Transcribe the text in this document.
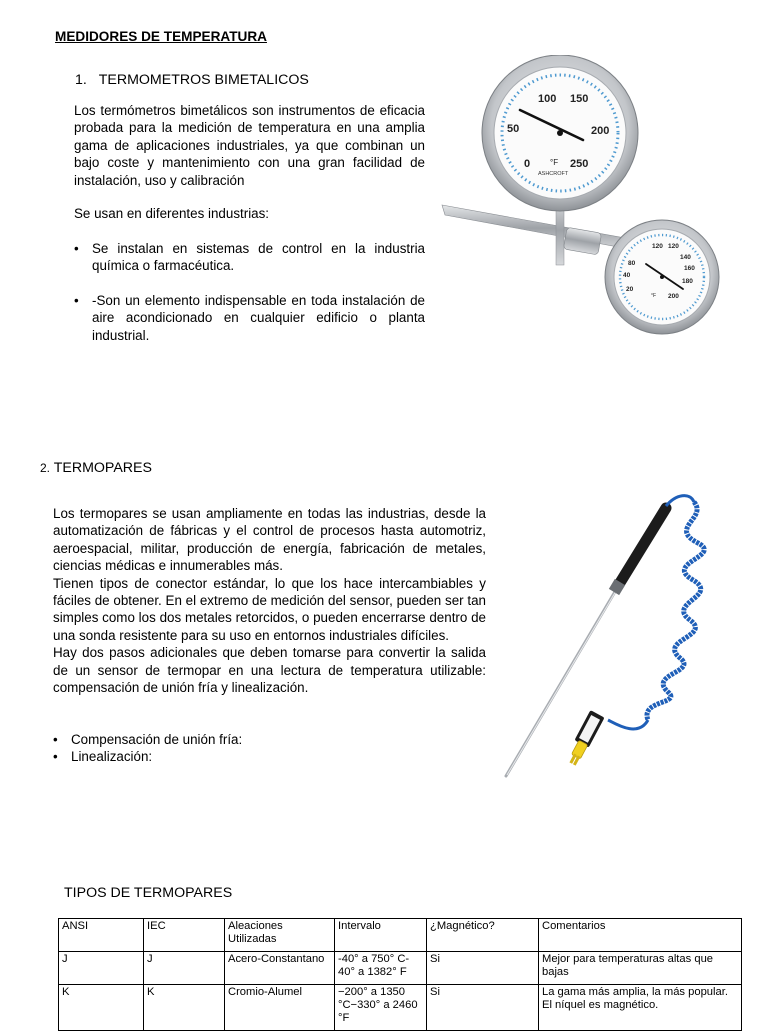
MEDIDORES DE TEMPERATURA
1. TERMOMETROS BIMETALICOS

Los termómetros bimetálicos son instrumentos de eficacia probada para la medición de temperatura en una amplia gama de aplicaciones industriales, ya que combinan un bajo coste y mantenimiento con una gran facilidad de instalación, uso y calibración

Se usan en diferentes industrias:
• Se instalan en sistemas de control en la industria química o farmacéutica.
• -Son un elemento indispensable en toda instalación de aire acondicionado en cualquier edificio o planta industrial.
100 150
50	200
0 °F 250
ASHCROFT
120 120
140
80
160
40
180
20
°F 200
2. TERMOPARES

Los termopares se usan ampliamente en todas las industrias, desde la automatización de fábricas y el control de procesos hasta automotriz, aeroespacial, militar, producción de energía, fabricación de metales, ciencias médicas e innumerables más.

Tienen tipos de conector estándar, lo que los hace intercambiables y fáciles de obtener. En el extremo de medición del sensor, pueden ser tan simples como los dos metales retorcidos, o pueden encerrarse dentro de una sonda resistente para su uso en entornos industriales difíciles.

Hay dos pasos adicionales que deben tomarse para convertir la salida de un sensor de termopar en una lectura de temperatura utilizable: compensación de unión fría y linealización.

• Compensación de unión fría:
• Linealización:
TIPOS DE TERMOPARES
ANSI	IEC	Aleaciones Utilizadas	Intervalo	¿Magnético?	Comentarios
J	J	Acero-Constantano	-40° a 750° C-40° a 1382° F	Si	Mejor para temperaturas altas que bajas
K	K	Cromio-Alumel	−200° a 1350 °C−330° a 2460 °F	Si	La gama más amplia, la más popular. El níquel es magnético.
